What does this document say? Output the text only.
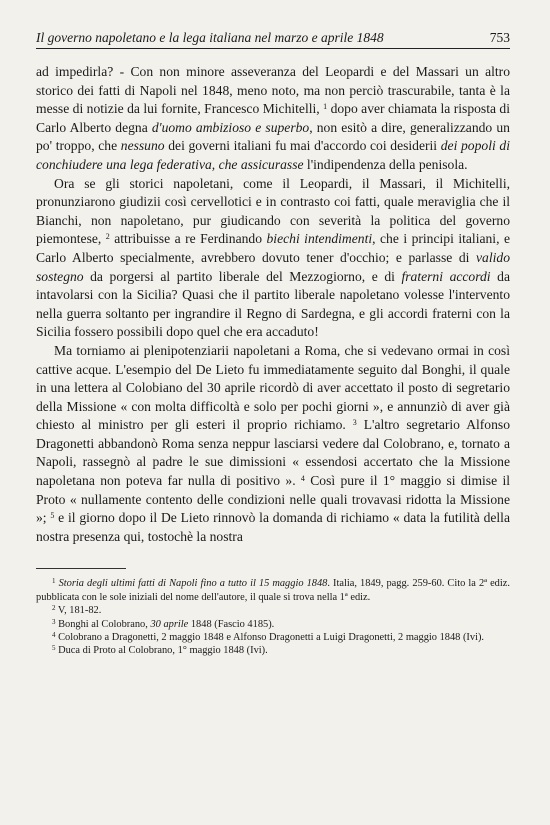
Il governo napoletano e la lega italiana nel marzo e aprile 1848	753

ad impedirla? - Con non minore asseveranza del Leopardi e del Massari un altro storico dei fatti di Napoli nel 1848, meno noto, ma non perciò trascurabile, tanta è la messe di notizie da lui fornite, Francesco Michitelli, $^1$ dopo aver chiamata la risposta di Carlo Alberto degna d'uomo ambizioso e superbo, non esitò a dire, generalizzando un po' troppo, che nessuno dei governi italiani fu mai d'accordo coi desiderii dei popoli di conchiudere una lega federativa, che assicurasse l'indipendenza della penisola.

Ora se gli storici napoletani, come il Leopardi, il Massari, il Michitelli, pronunziarono giudizii così cervellotici e in contrasto coi fatti, quale meraviglia che il Bianchi, non napoletano, pur giudicando con severità la politica del governo piemontese, $^2$ attribuisse a re Ferdinando biechi intendimenti, che i principi italiani, e Carlo Alberto specialmente, avrebbero dovuto tener d'occhio; e parlasse di valido sostegno da porgersi al partito liberale del Mezzogiorno, e di fraterni accordi da intavolarsi con la Sicilia? Quasi che il partito liberale napoletano volesse l'intervento nella guerra soltanto per ingrandire il Regno di Sardegna, e gli accordi fraterni con la Sicilia fossero possibili dopo quel che era accaduto!

Ma torniamo ai plenipotenziarii napoletani a Roma, che si vedevano ormai in così cattive acque. L'esempio del De Lieto fu immediatamente seguito dal Bonghi, il quale in una lettera al Colobiano del 30 aprile ricordò di aver accettato il posto di segretario della Missione « con molta difficoltà e solo per pochi giorni », e annunziò di aver già chiesto al ministro per gli esteri il proprio richiamo. $^3$ L'altro segretario Alfonso Dragonetti abbandonò Roma senza neppur lasciarsi vedere dal Colobrano, e, tornato a Napoli, rassegnò al padre le sue dimissioni « essendosi accertato che la Missione napoletana non poteva far nulla di positivo ». $^4$ Così pure il 1° maggio si dimise il Proto « nullamente contento delle condizioni nelle quali trovavasi ridotta la Missione »; $^5$ e il giorno dopo il De Lieto rinnovò la domanda di richiamo « data la futilità della nostra presenza qui, tostochè la nostra

$^1$ Storia degli ultimi fatti di Napoli fino a tutto il 15 maggio 1848. Italia, 1849, pagg. 259-60. Cito la 2ª ediz. pubblicata con le sole iniziali del nome dell'autore, il quale si trova nella 1ª ediz.

$^2$ V, 181-82.

$^3$ Bonghi al Colobrano, 30 aprile 1848 (Fascio 4185).

$^4$ Colobrano a Dragonetti, 2 maggio 1848 e Alfonso Dragonetti a Luigi Dragonetti, 2 maggio 1848 (Ivi).

$^5$ Duca di Proto al Colobrano, 1° maggio 1848 (Ivi).
